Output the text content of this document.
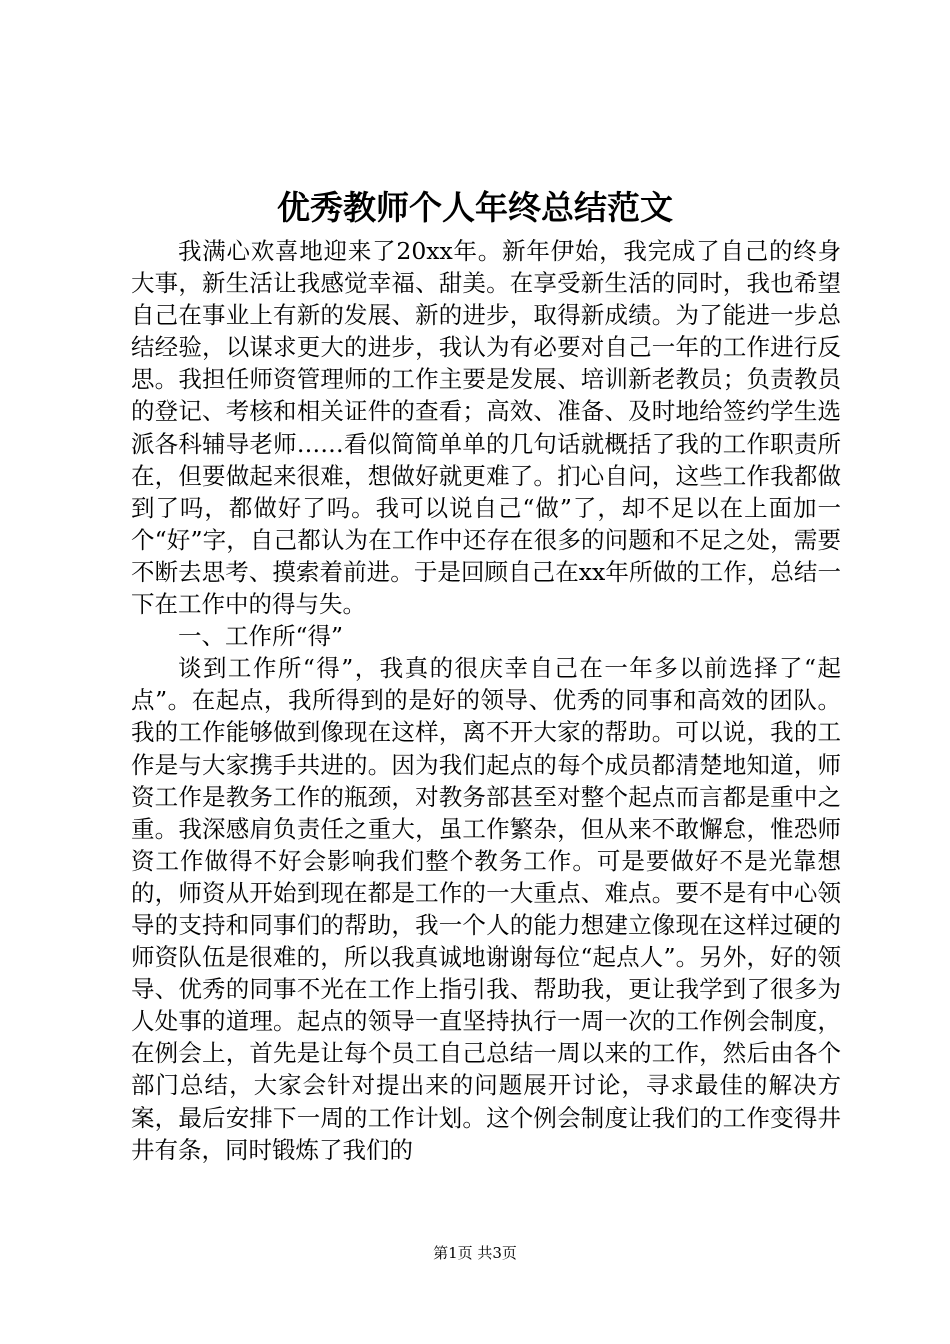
优秀教师个人年终总结范文

我满心欢喜地迎来了20xx年。新年伊始，我完成了自己的终身大事，新生活让我感觉幸福、甜美。在享受新生活的同时，我也希望自己在事业上有新的发展、新的进步，取得新成绩。为了能进一步总结经验，以谋求更大的进步，我认为有必要对自己一年的工作进行反思。我担任师资管理师的工作主要是发展、培训新老教员；负责教员的登记、考核和相关证件的查看；高效、准备、及时地给签约学生选派各科辅导老师……看似简简单单的几句话就概括了我的工作职责所在，但要做起来很难，想做好就更难了。扪心自问，这些工作我都做到了吗，都做好了吗。我可以说自己“做”了，却不足以在上面加一个“好”字，自己都认为在工作中还存在很多的问题和不足之处，需要不断去思考、摸索着前进。于是回顾自己在xx年所做的工作，总结一下在工作中的得与失。

一、工作所“得”

谈到工作所“得”，我真的很庆幸自己在一年多以前选择了“起点”。在起点，我所得到的是好的领导、优秀的同事和高效的团队。我的工作能够做到像现在这样，离不开大家的帮助。可以说，我的工作是与大家携手共进的。因为我们起点的每个成员都清楚地知道，师资工作是教务工作的瓶颈，对教务部甚至对整个起点而言都是重中之重。我深感肩负责任之重大，虽工作繁杂，但从来不敢懈怠，惟恐师资工作做得不好会影响我们整个教务工作。可是要做好不是光靠想的，师资从开始到现在都是工作的一大重点、难点。要不是有中心领导的支持和同事们的帮助，我一个人的能力想建立像现在这样过硬的师资队伍是很难的，所以我真诚地谢谢每位“起点人”。另外，好的领导、优秀的同事不光在工作上指引我、帮助我，更让我学到了很多为人处事的道理。起点的领导一直坚持执行一周一次的工作例会制度，在例会上，首先是让每个员工自己总结一周以来的工作，然后由各个部门总结，大家会针对提出来的问题展开讨论，寻求最佳的解决方案，最后安排下一周的工作计划。这个例会制度让我们的工作变得井井有条，同时锻炼了我们的

第1页 共3页
